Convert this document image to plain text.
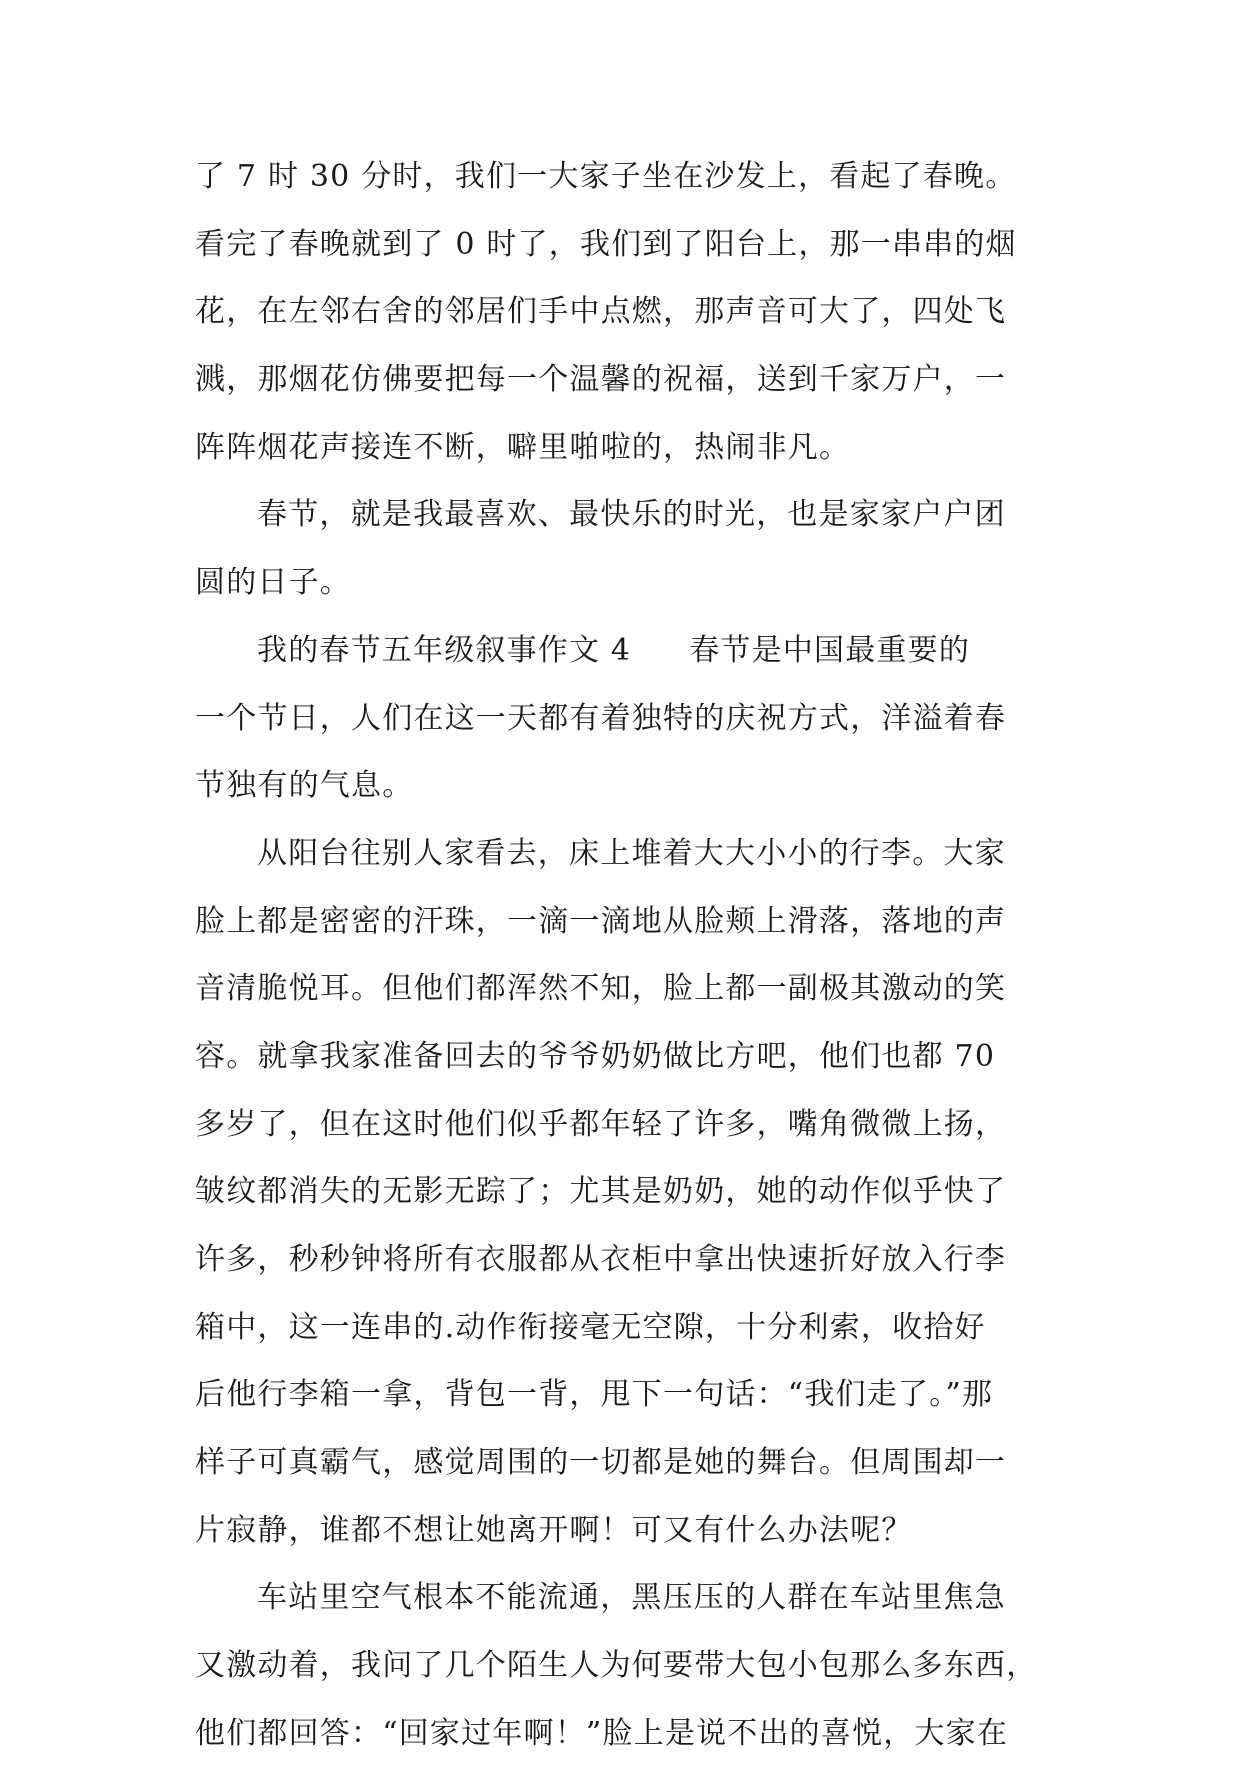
了 7 时 30 分时，我们一大家子坐在沙发上，看起了春晚。
看完了春晚就到了 0 时了，我们到了阳台上，那一串串的烟
花，在左邻右舍的邻居们手中点燃，那声音可大了，四处飞
溅，那烟花仿佛要把每一个温馨的祝福，送到千家万户，一
阵阵烟花声接连不断，噼里啪啦的，热闹非凡。
春节，就是我最喜欢、最快乐的时光，也是家家户户团
圆的日子。
我的春节五年级叙事作文 4 春节是中国最重要的
一个节日，人们在这一天都有着独特的庆祝方式，洋溢着春
节独有的气息。
从阳台往别人家看去，床上堆着大大小小的行李。大家
脸上都是密密的汗珠，一滴一滴地从脸颊上滑落，落地的声
音清脆悦耳。但他们都浑然不知，脸上都一副极其激动的笑
容。就拿我家准备回去的爷爷奶奶做比方吧，他们也都 70
多岁了，但在这时他们似乎都年轻了许多，嘴角微微上扬，
皱纹都消失的无影无踪了；尤其是奶奶，她的动作似乎快了
许多，秒秒钟将所有衣服都从衣柜中拿出快速折好放入行李
箱中，这一连串的.动作衔接毫无空隙，十分利索，收拾好
后他行李箱一拿，背包一背，甩下一句话：“我们走了。”那
样子可真霸气，感觉周围的一切都是她的舞台。但周围却一
片寂静，谁都不想让她离开啊！可又有什么办法呢？
车站里空气根本不能流通，黑压压的人群在车站里焦急
又激动着，我问了几个陌生人为何要带大包小包那么多东西，
他们都回答：“回家过年啊！”脸上是说不出的喜悦，大家在
